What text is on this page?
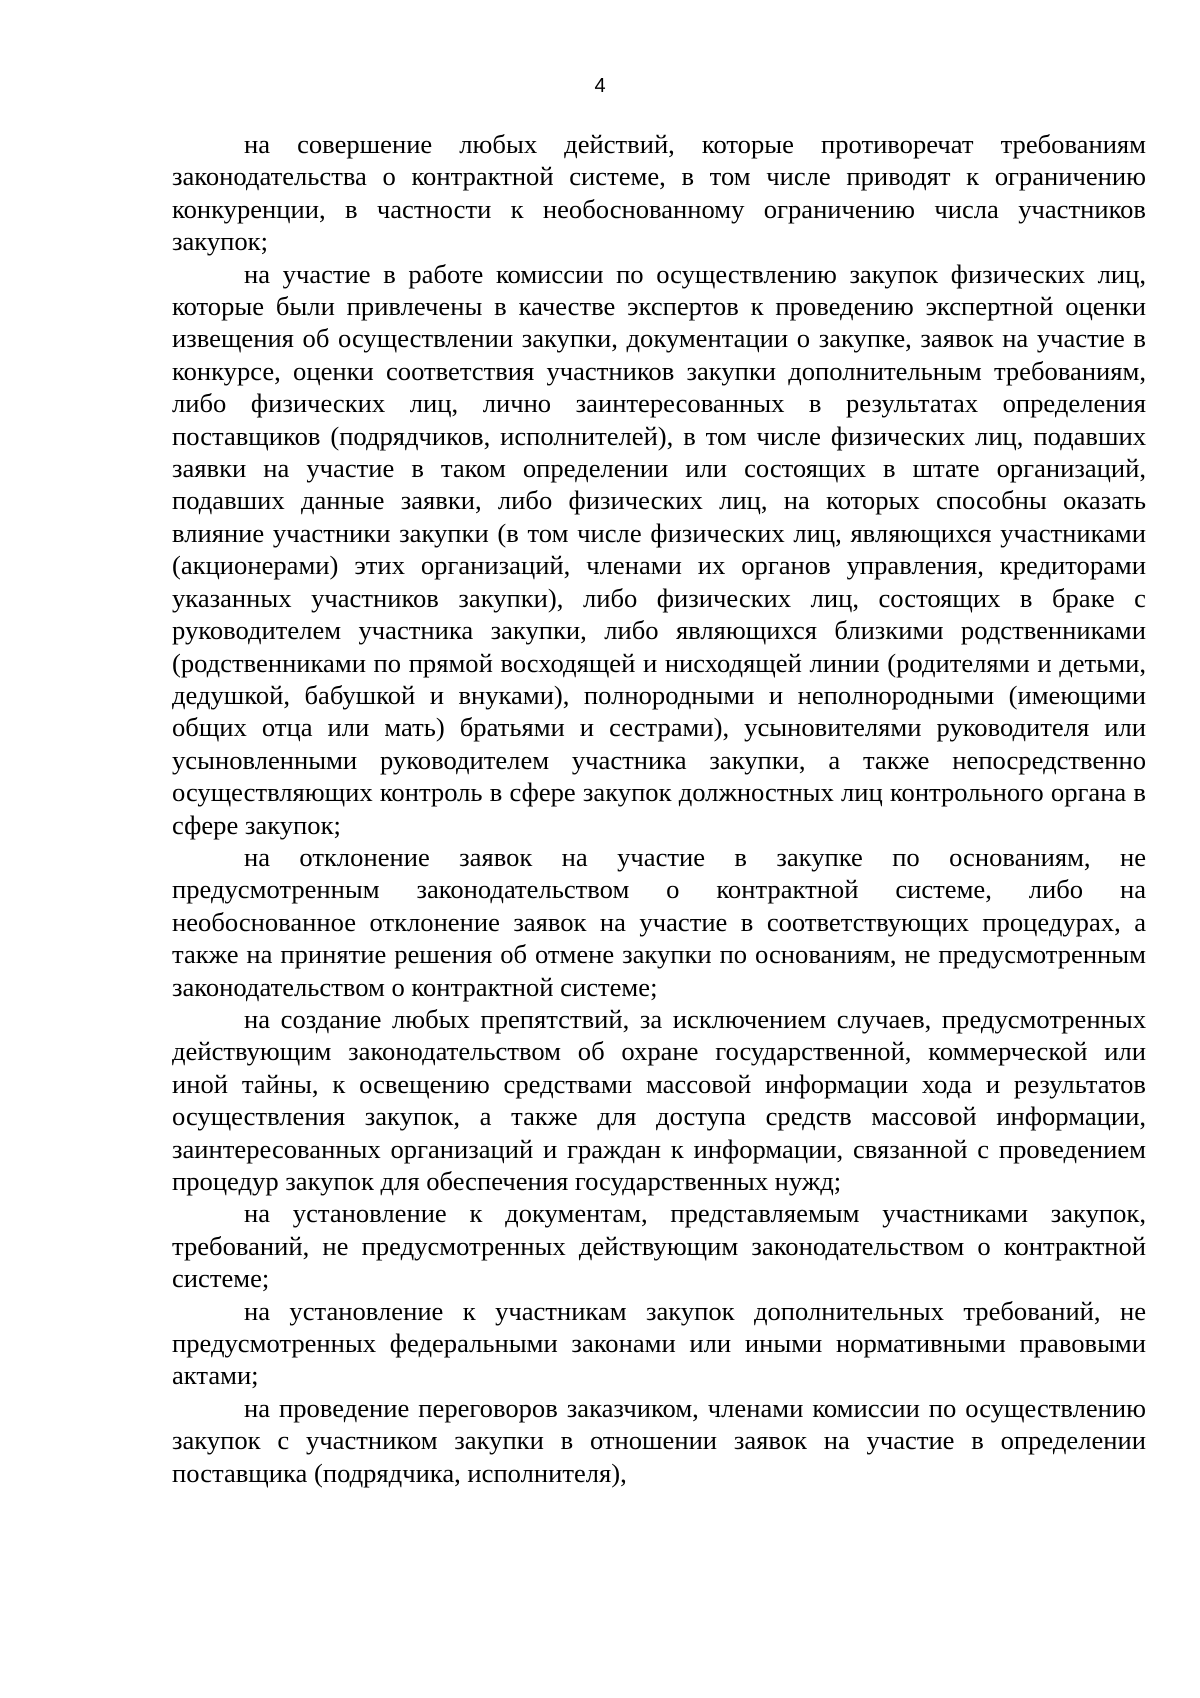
4

на совершение любых действий, которые противоречат требованиям законодательства о контрактной системе, в том числе приводят к ограничению конкуренции, в частности к необоснованному ограничению числа участников закупок;

на участие в работе комиссии по осуществлению закупок физических лиц, которые были привлечены в качестве экспертов к проведению экспертной оценки извещения об осуществлении закупки, документации о закупке, заявок на участие в конкурсе, оценки соответствия участников закупки дополнительным требованиям, либо физических лиц, лично заинтересованных в результатах определения поставщиков (подрядчиков, исполнителей), в том числе физических лиц, подавших заявки на участие в таком определении или состоящих в штате организаций, подавших данные заявки, либо физических лиц, на которых способны оказать влияние участники закупки (в том числе физических лиц, являющихся участниками (акционерами) этих организаций, членами их органов управления, кредиторами указанных участников закупки), либо физических лиц, состоящих в браке с руководителем участника закупки, либо являющихся близкими родственниками (родственниками по прямой восходящей и нисходящей линии (родителями и детьми, дедушкой, бабушкой и внуками), полнородными и неполнородными (имеющими общих отца или мать) братьями и сестрами), усыновителями руководителя или усыновленными руководителем участника закупки, а также непосредственно осуществляющих контроль в сфере закупок должностных лиц контрольного органа в сфере закупок;

на отклонение заявок на участие в закупке по основаниям, не предусмотренным законодательством о контрактной системе, либо на необоснованное отклонение заявок на участие в соответствующих процедурах, а также на принятие решения об отмене закупки по основаниям, не предусмотренным законодательством о контрактной системе;

на создание любых препятствий, за исключением случаев, предусмотренных действующим законодательством об охране государственной, коммерческой или иной тайны, к освещению средствами массовой информации хода и результатов осуществления закупок, а также для доступа средств массовой информации, заинтересованных организаций и граждан к информации, связанной с проведением процедур закупок для обеспечения государственных нужд;

на установление к документам, представляемым участниками закупок, требований, не предусмотренных действующим законодательством о контрактной системе;

на установление к участникам закупок дополнительных требований, не предусмотренных федеральными законами или иными нормативными правовыми актами;

на проведение переговоров заказчиком, членами комиссии по осуществлению закупок с участником закупки в отношении заявок на участие в определении поставщика (подрядчика, исполнителя),
